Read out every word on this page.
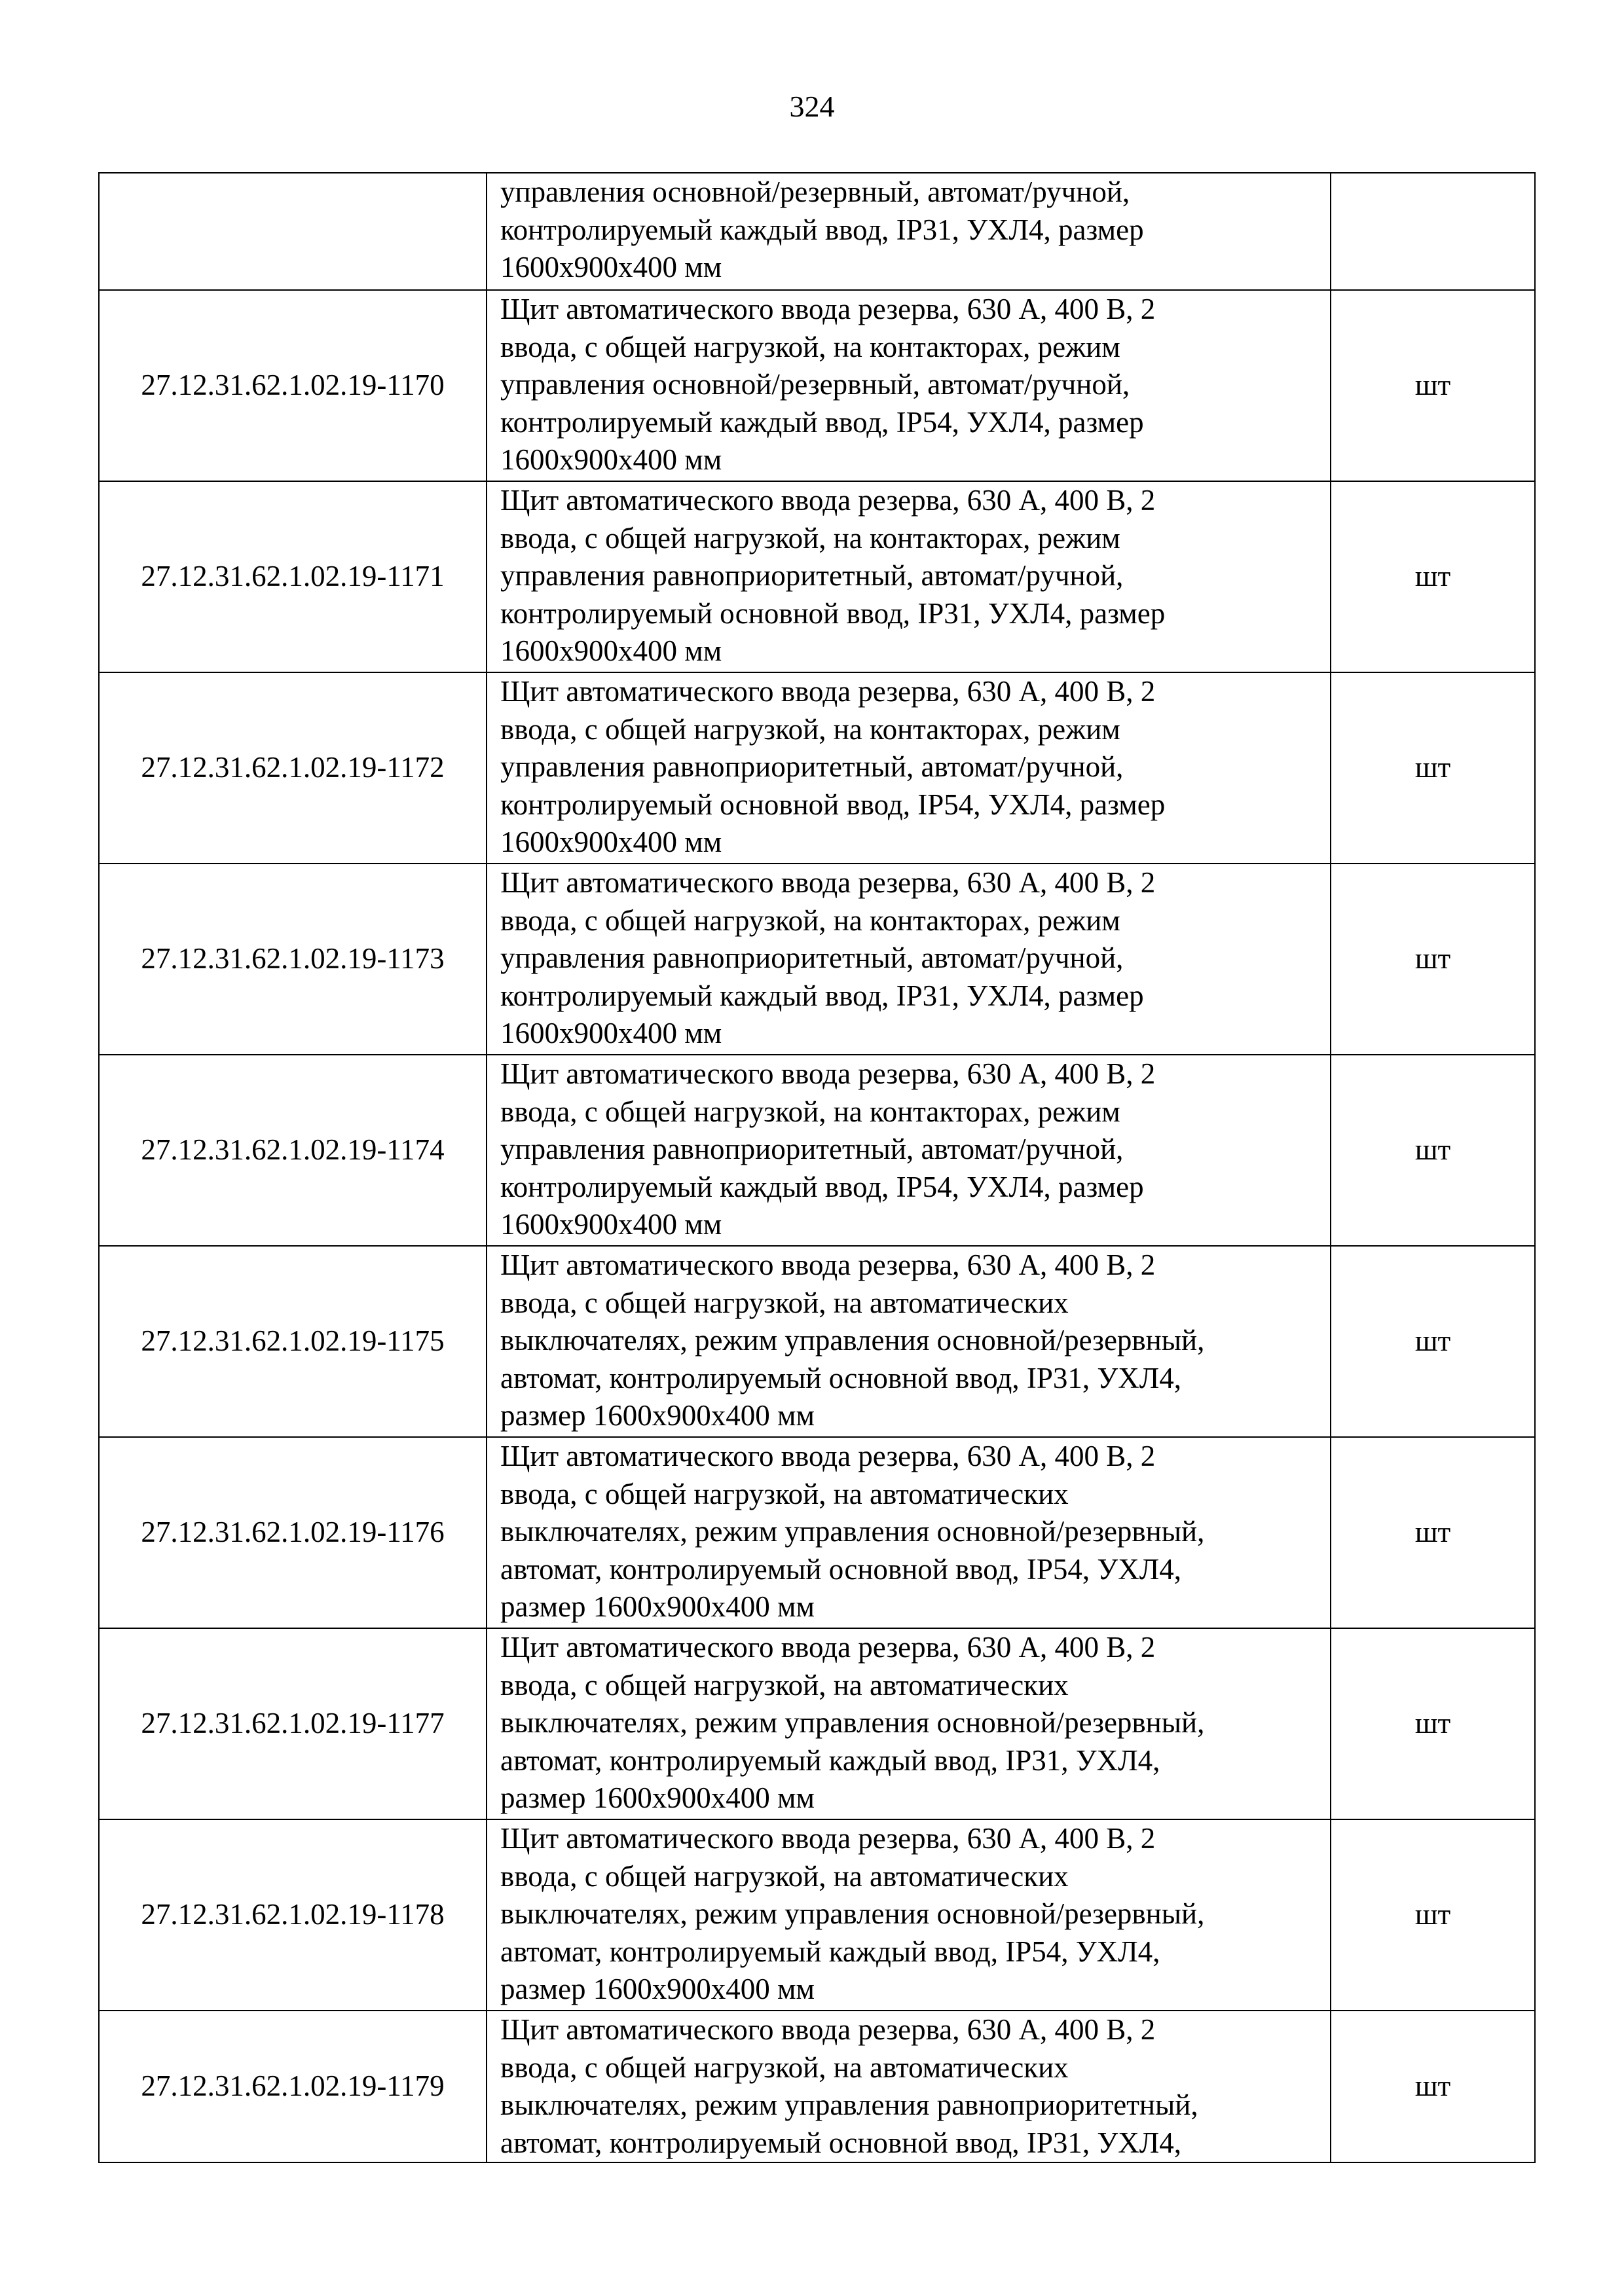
324

	управления основной/резервный, автомат/ручной,
контролируемый каждый ввод, IP31, УХЛ4, размер
1600x900x400 мм	

27.12.31.62.1.02.19-1170	Щит автоматического ввода резерва, 630 А, 400 В, 2
ввода, с общей нагрузкой, на контакторах, режим
управления основной/резервный, автомат/ручной,
контролируемый каждый ввод, IP54, УХЛ4, размер
1600x900x400 мм	шт
27.12.31.62.1.02.19-1171	Щит автоматического ввода резерва, 630 А, 400 В, 2
ввода, с общей нагрузкой, на контакторах, режим
управления равноприоритетный, автомат/ручной,
контролируемый основной ввод, IP31, УХЛ4, размер
1600x900x400 мм	шт
27.12.31.62.1.02.19-1172	Щит автоматического ввода резерва, 630 А, 400 В, 2
ввода, с общей нагрузкой, на контакторах, режим
управления равноприоритетный, автомат/ручной,
контролируемый основной ввод, IP54, УХЛ4, размер
1600x900x400 мм	шт
27.12.31.62.1.02.19-1173	Щит автоматического ввода резерва, 630 А, 400 В, 2
ввода, с общей нагрузкой, на контакторах, режим
управления равноприоритетный, автомат/ручной,
контролируемый каждый ввод, IP31, УХЛ4, размер
1600x900x400 мм	шт
27.12.31.62.1.02.19-1174	Щит автоматического ввода резерва, 630 А, 400 В, 2
ввода, с общей нагрузкой, на контакторах, режим
управления равноприоритетный, автомат/ручной,
контролируемый каждый ввод, IP54, УХЛ4, размер
1600x900x400 мм	шт
27.12.31.62.1.02.19-1175	Щит автоматического ввода резерва, 630 А, 400 В, 2
ввода, с общей нагрузкой, на автоматических
выключателях, режим управления основной/резервный,
автомат, контролируемый основной ввод, IP31, УХЛ4,
размер 1600x900x400 мм	шт
27.12.31.62.1.02.19-1176	Щит автоматического ввода резерва, 630 А, 400 В, 2
ввода, с общей нагрузкой, на автоматических
выключателях, режим управления основной/резервный,
автомат, контролируемый основной ввод, IP54, УХЛ4,
размер 1600x900x400 мм	шт
27.12.31.62.1.02.19-1177	Щит автоматического ввода резерва, 630 А, 400 В, 2
ввода, с общей нагрузкой, на автоматических
выключателях, режим управления основной/резервный,
автомат, контролируемый каждый ввод, IP31, УХЛ4,
размер 1600x900x400 мм	шт
27.12.31.62.1.02.19-1178	Щит автоматического ввода резерва, 630 А, 400 В, 2
ввода, с общей нагрузкой, на автоматических
выключателях, режим управления основной/резервный,
автомат, контролируемый каждый ввод, IP54, УХЛ4,
размер 1600x900x400 мм	шт
27.12.31.62.1.02.19-1179	Щит автоматического ввода резерва, 630 А, 400 В, 2
ввода, с общей нагрузкой, на автоматических
выключателях, режим управления равноприоритетный,
автомат, контролируемый основной ввод, IP31, УХЛ4,	шт
